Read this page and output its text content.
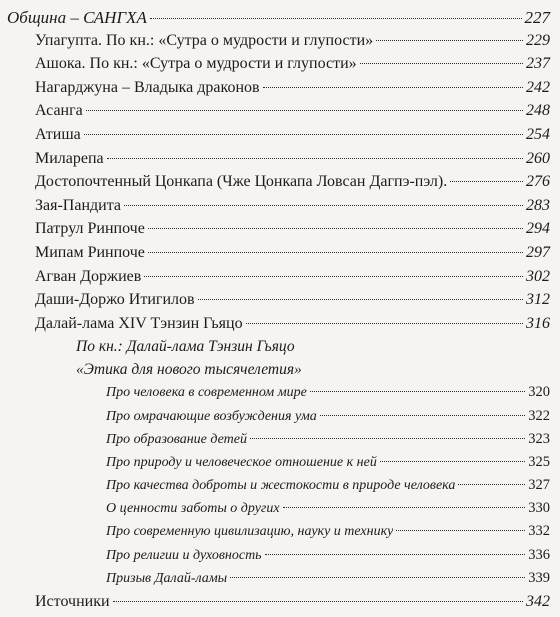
Община – САНГХА	227
Упагупта. По кн.: «Сутра о мудрости и глупости»	229
Ашока. По кн.: «Сутра о мудрости и глупости»	237
Нагарджуна – Владыка драконов	242
Асанга	248
Атиша	254
Миларепа	260
Достопочтенный Цонкапа (Чже Цонкапа Ловсан Дагпэ-пэл).	276
Зая-Пандита	283
Патрул Ринпоче	294
Мипам Ринпоче	297
Агван Доржиев	302
Даши-Доржо Итигилов	312
Далай-лама XIV Тэнзин Гьяцо	316
По кн.: Далай-лама Тэнзин Гьяцо
«Этика для нового тысячелетия»
Про человека в современном мире	320
Про омрачающие возбуждения ума	322
Про образование детей	323
Про природу и человеческое отношение к ней	325
Про качества доброты и жестокости в природе человека	327
О ценности заботы о других	330
Про современную цивилизацию, науку и технику	332
Про религии и духовность	336
Призыв Далай-ламы	339
Источники	342
